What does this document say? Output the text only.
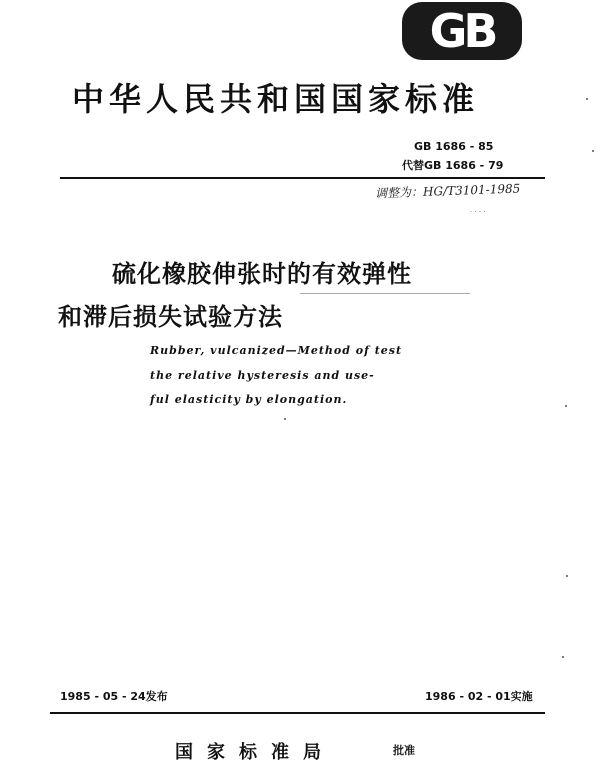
GB
中华人民共和国国家标准
GB 1686 - 85
代替GB 1686 - 79
调整为：HG/T3101-1985
· · · ·
硫化橡胶伸张时的有效弹性
和滞后损失试验方法
Rubber, vulcanized—Method of test
the relative hysteresis and use-
ful elasticity by elongation.
1985 - 05 - 24发布	1986 - 02 - 01实施
国家标准局	批准
